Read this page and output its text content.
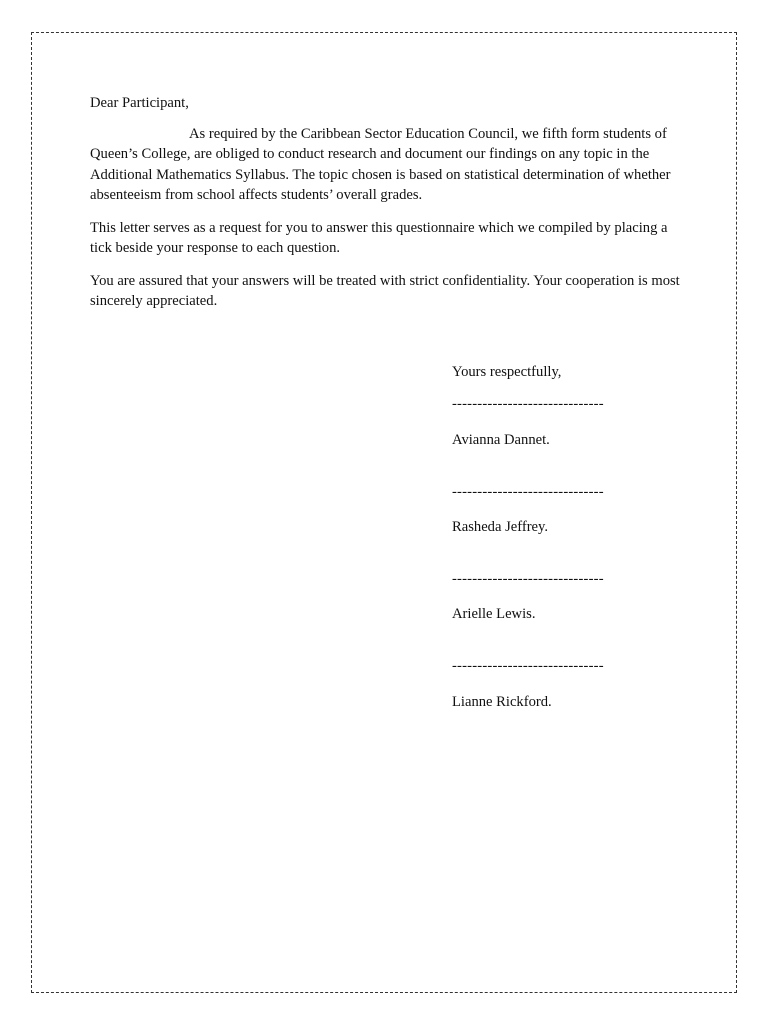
Dear Participant,

As required by the Caribbean Sector Education Council, we fifth form students of Queen’s College, are obliged to conduct research and document our findings on any topic in the Additional Mathematics Syllabus. The topic chosen is based on statistical determination of whether absenteeism from school affects students’ overall grades.

This letter serves as a request for you to answer this questionnaire which we compiled by placing a tick beside your response to each question.

You are assured that your answers will be treated with strict confidentiality. Your cooperation is most sincerely appreciated.

Yours respectfully,

------------------------------

Avianna Dannet.

------------------------------

Rasheda Jeffrey.

------------------------------

Arielle Lewis.

------------------------------

Lianne Rickford.
